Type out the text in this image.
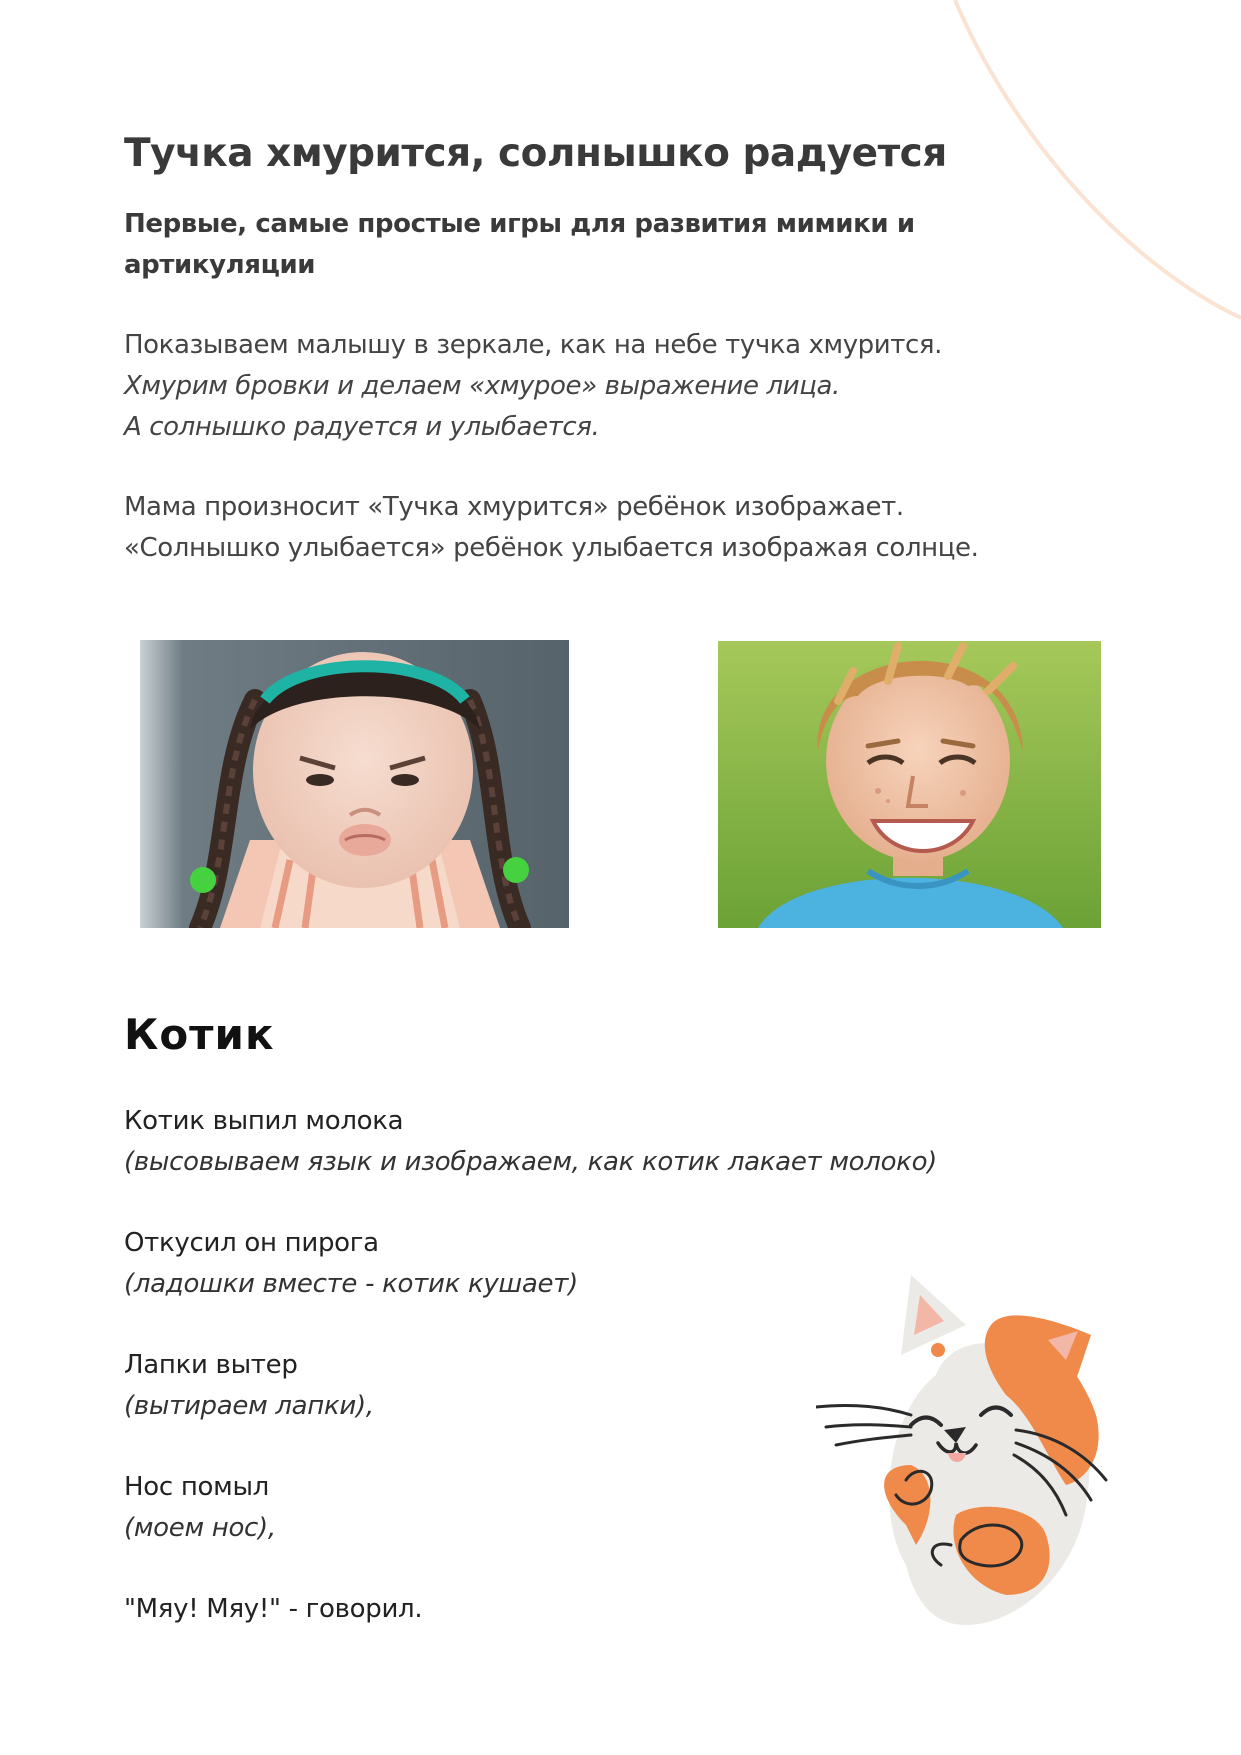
Тучка хмурится, солнышко радуется

Первые, самые простые игры для развития мимики и артикуляции

Показываем малышу в зеркале, как на небе тучка хмурится.
Хмурим бровки и делаем «хмурое» выражение лица.
А солнышко радуется и улыбается.

Мама произносит «Тучка хмурится» ребёнок изображает.
«Солнышко улыбается» ребёнок улыбается изображая солнце.

Котик

Котик выпил молока
(высовываем язык и изображаем, как котик лакает молоко)

Откусил он пирога
(ладошки вместе - котик кушает)

Лапки вытер
(вытираем лапки),

Нос помыл
(моем нос),

"Мяу! Мяу!" - говорил.
